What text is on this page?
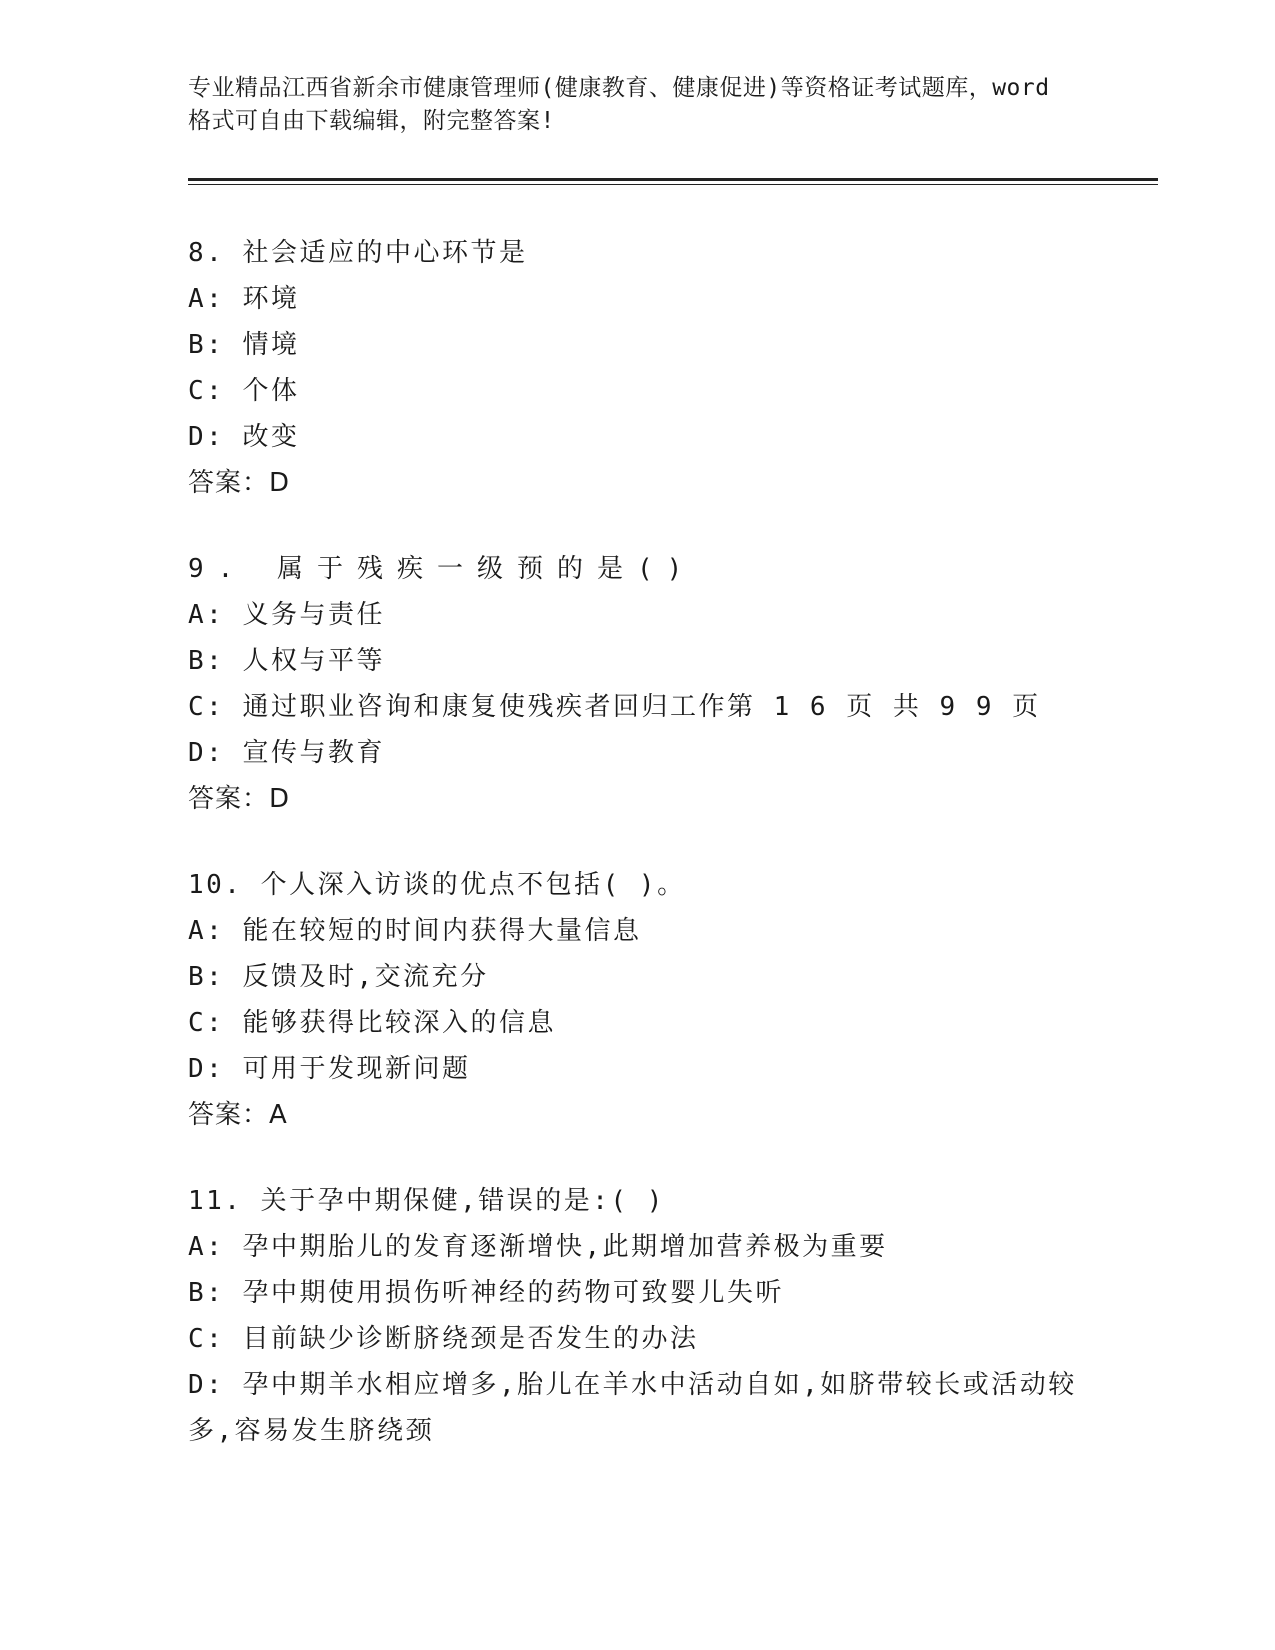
专业精品江西省新余市健康管理师(健康教育、健康促进)等资格证考试题库，word
格式可自由下载编辑，附完整答案!
8. 社会适应的中心环节是
A: 环境
B: 情境
C: 个体
D: 改变
答案：D
9. 属于残疾一级预的是()
A: 义务与责任
B: 人权与平等
C: 通过职业咨询和康复使残疾者回归工作第 1 6 页 共 9 9 页
D: 宣传与教育
答案：D
10. 个人深入访谈的优点不包括( )。
A: 能在较短的时间内获得大量信息
B: 反馈及时,交流充分
C: 能够获得比较深入的信息
D: 可用于发现新问题
答案：A
11. 关于孕中期保健,错误的是:( )
A: 孕中期胎儿的发育逐渐增快,此期增加营养极为重要
B: 孕中期使用损伤听神经的药物可致婴儿失听
C: 目前缺少诊断脐绕颈是否发生的办法
D: 孕中期羊水相应增多,胎儿在羊水中活动自如,如脐带较长或活动较
多,容易发生脐绕颈
